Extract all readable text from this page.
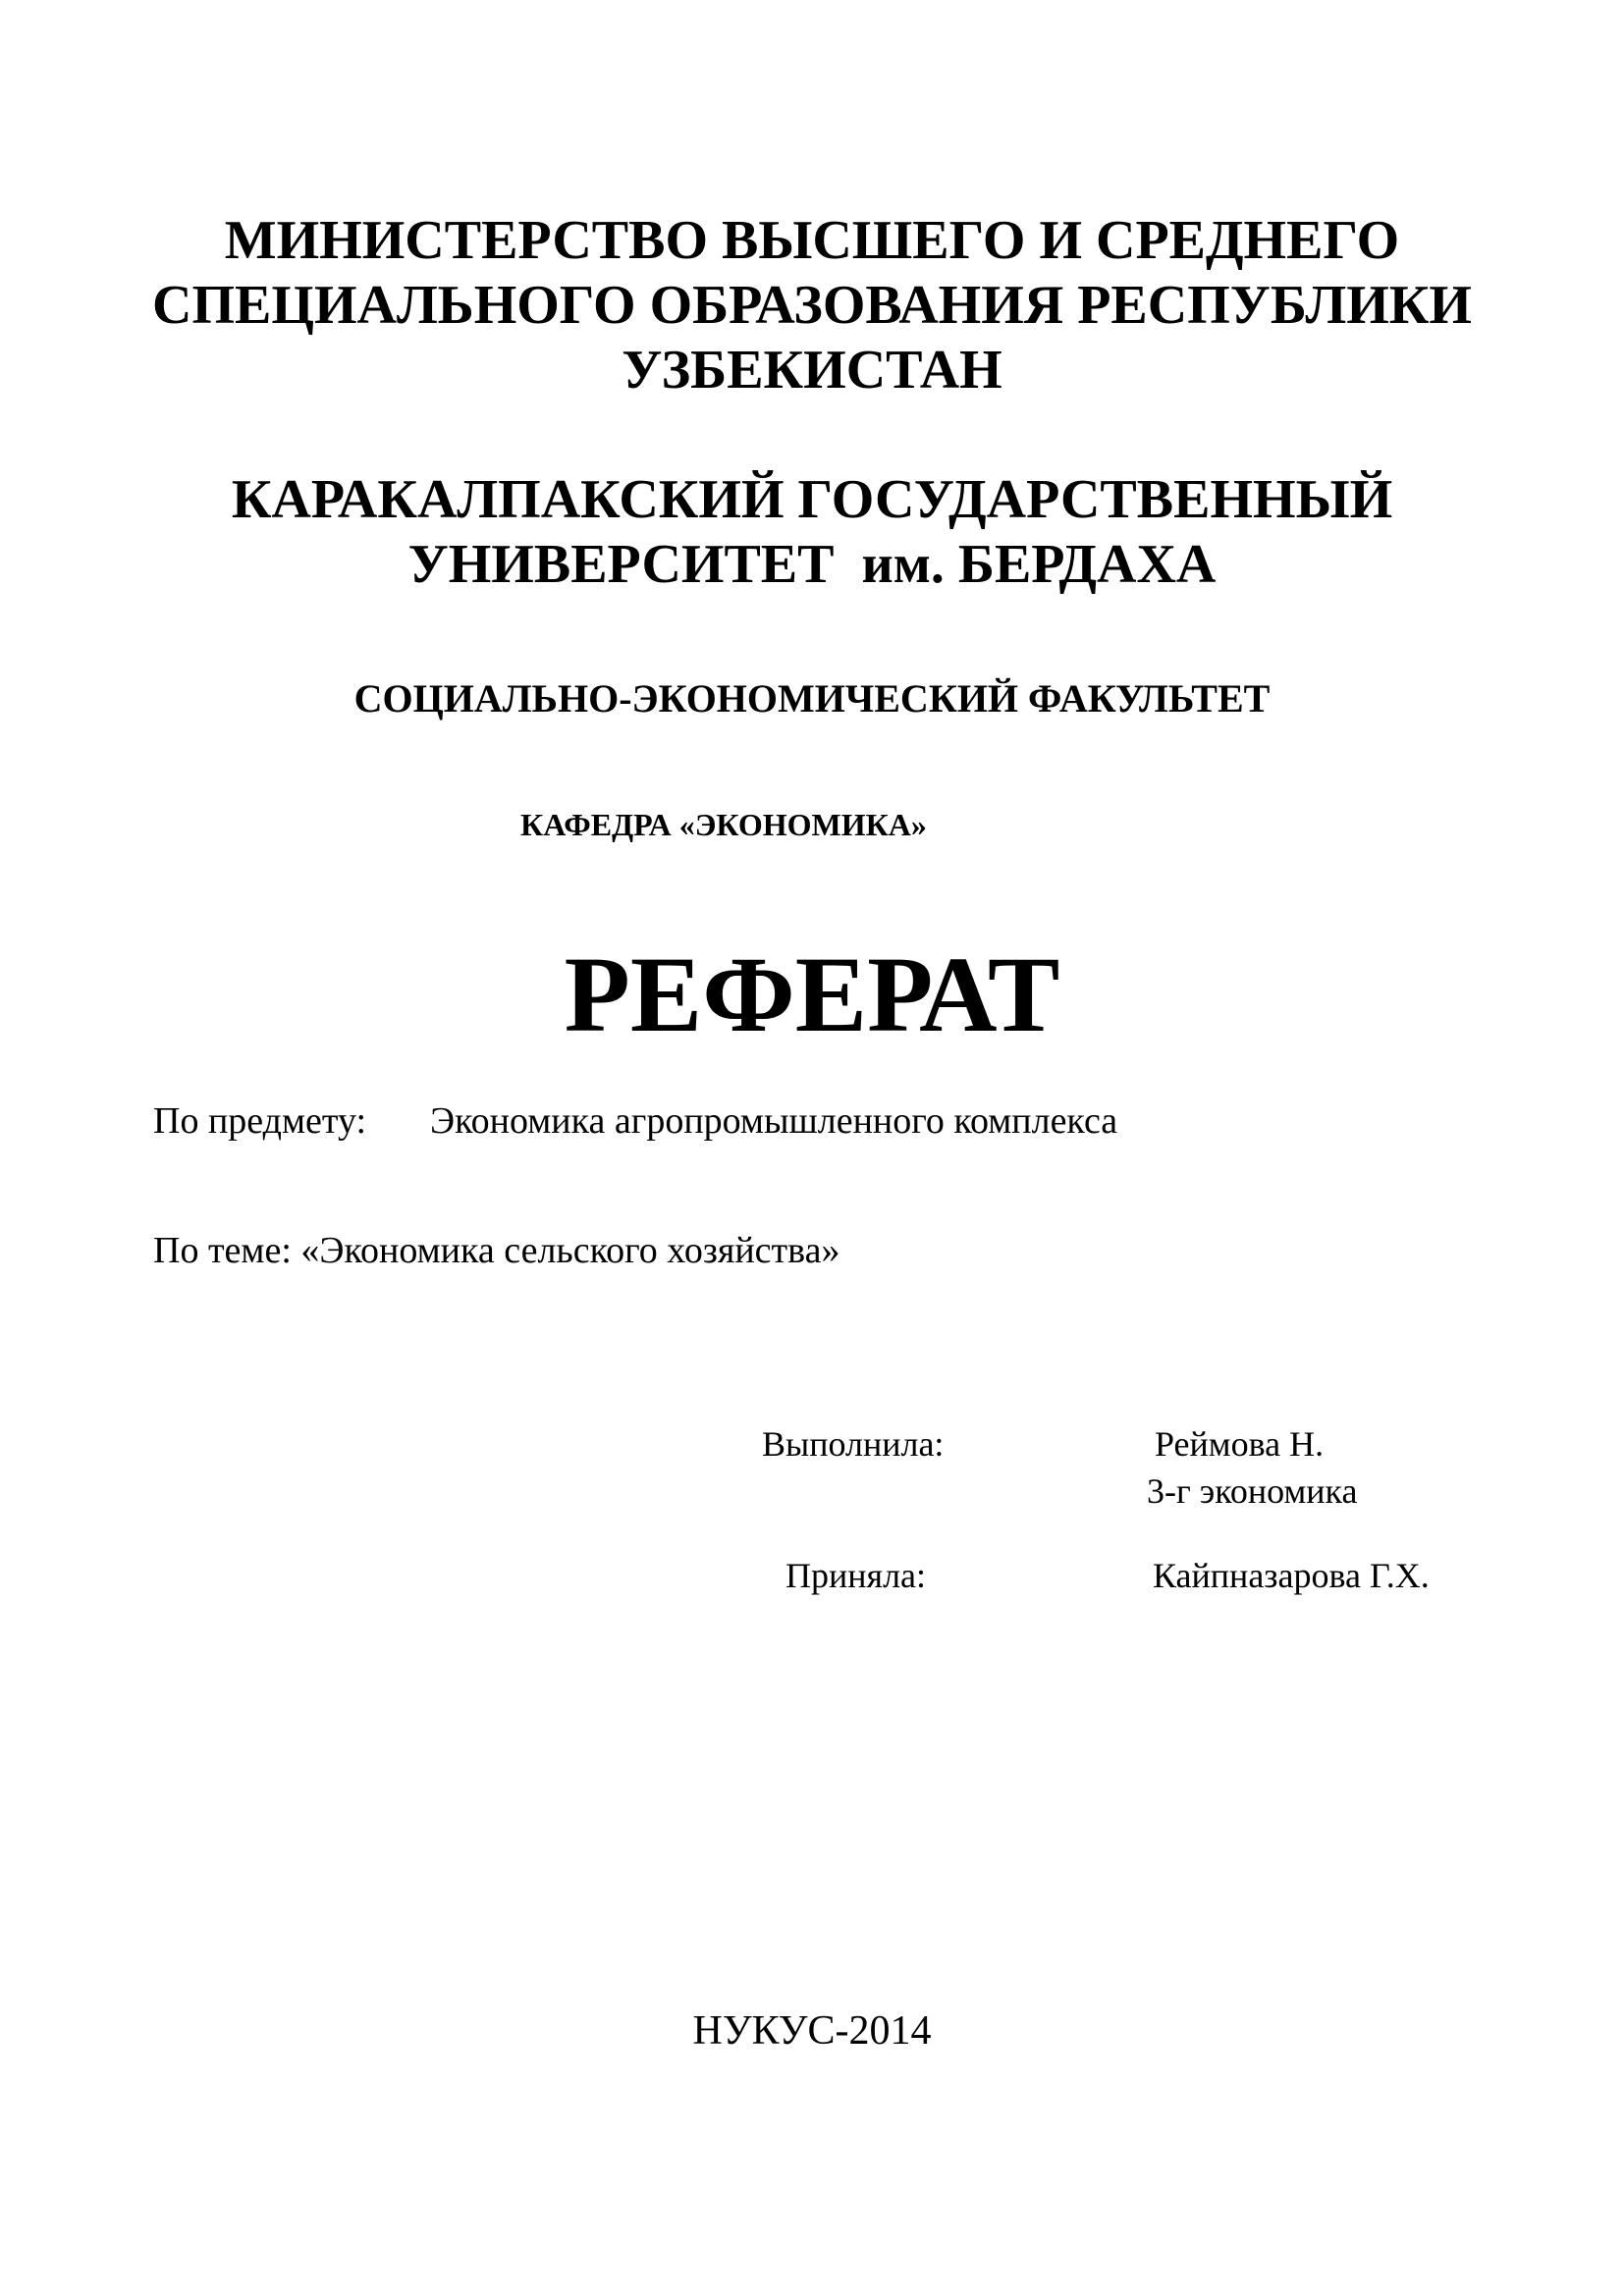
МИНИСТЕРСТВО ВЫСШЕГО И СРЕДНЕГО
СПЕЦИАЛЬНОГО ОБРАЗОВАНИЯ РЕСПУБЛИКИ
УЗБЕКИСТАН
КАРАКАЛПАКСКИЙ ГОСУДАРСТВЕННЫЙ
УНИВЕРСИТЕТ  им. БЕРДАХА
СОЦИАЛЬНО-ЭКОНОМИЧЕСКИЙ ФАКУЛЬТЕТ
КАФЕДРА «ЭКОНОМИКА»
РЕФЕРАТ
По предмету: Экономика агропромышленного комплекса
По теме: «Экономика сельского хозяйства»
Выполнила:	Реймова Н.
3-г экономика
Приняла:	Кайпназарова Г.Х.
НУКУС-2014
